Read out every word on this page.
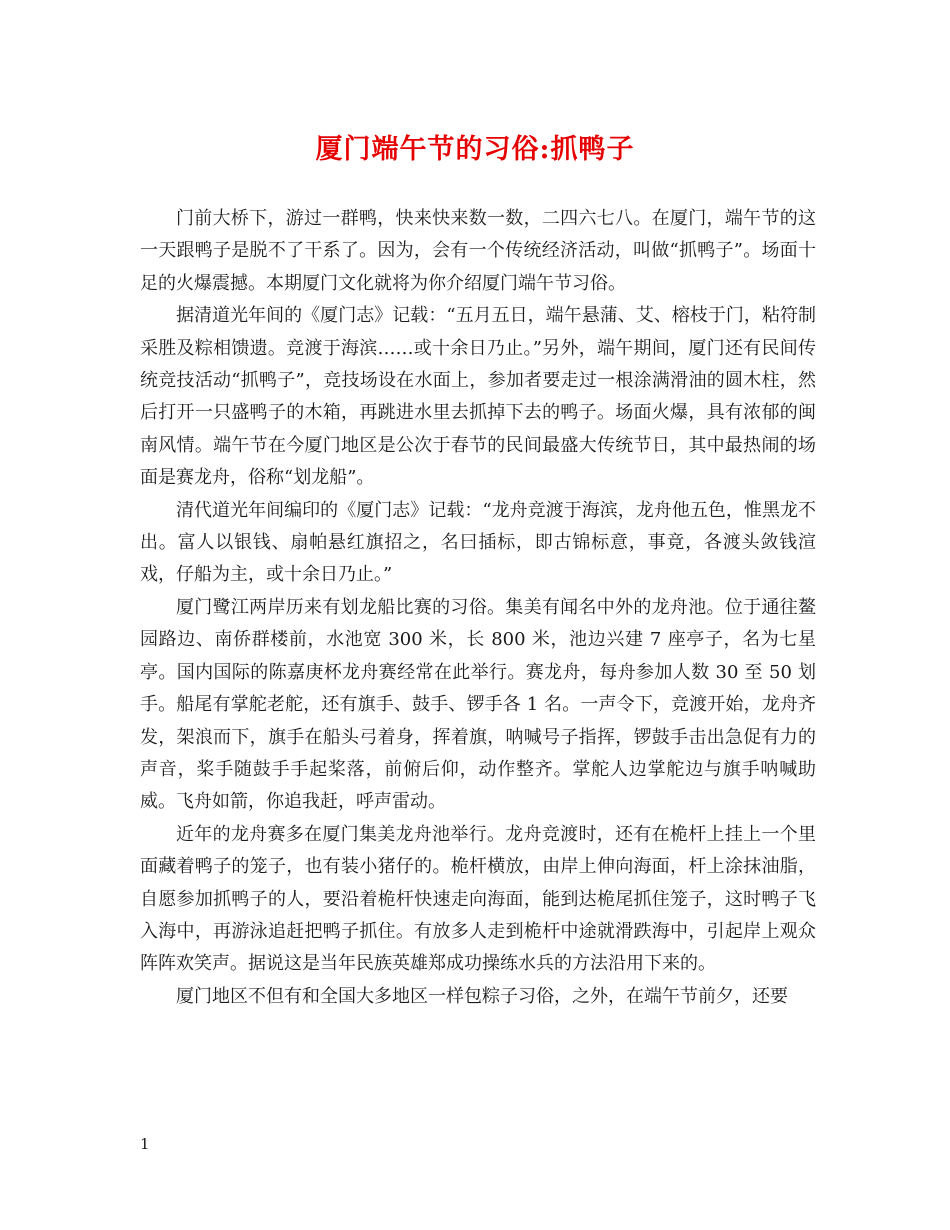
厦门端午节的习俗:抓鸭子

门前大桥下，游过一群鸭，快来快来数一数，二四六七八。在厦门，端午节的这一天跟鸭子是脱不了干系了。因为，会有一个传统经济活动，叫做“抓鸭子”。场面十足的火爆震撼。本期厦门文化就将为你介绍厦门端午节习俗。

据清道光年间的《厦门志》记载：“五月五日，端午悬蒲、艾、榕枝于门，粘符制采胜及粽相馈遗。竞渡于海滨……或十余日乃止。”另外，端午期间，厦门还有民间传统竞技活动“抓鸭子”，竞技场设在水面上，参加者要走过一根涂满滑油的圆木柱，然后打开一只盛鸭子的木箱，再跳进水里去抓掉下去的鸭子。场面火爆，具有浓郁的闽南风情。端午节在今厦门地区是公次于春节的民间最盛大传统节日，其中最热闹的场面是赛龙舟，俗称“划龙船”。

清代道光年间编印的《厦门志》记载：“龙舟竞渡于海滨，龙舟他五色，惟黑龙不出。富人以银钱、扇帕悬红旗招之，名曰插标，即古锦标意，事竟，各渡头敛钱渲戏，仔船为主，或十余日乃止。”

厦门鹭江两岸历来有划龙船比赛的习俗。集美有闻名中外的龙舟池。位于通往鳌园路边、南侨群楼前，水池宽 300 米，长 800 米，池边兴建 7 座亭子，名为七星亭。国内国际的陈嘉庚杯龙舟赛经常在此举行。赛龙舟，每舟参加人数 30 至 50 划手。船尾有掌舵老舵，还有旗手、鼓手、锣手各 1 名。一声令下，竞渡开始，龙舟齐发，架浪而下，旗手在船头弓着身，挥着旗，呐喊号子指挥，锣鼓手击出急促有力的声音，桨手随鼓手手起桨落，前俯后仰，动作整齐。掌舵人边掌舵边与旗手呐喊助威。飞舟如箭，你追我赶，呼声雷动。

近年的龙舟赛多在厦门集美龙舟池举行。龙舟竞渡时，还有在桅杆上挂上一个里面藏着鸭子的笼子，也有装小猪仔的。桅杆横放，由岸上伸向海面，杆上涂抹油脂，自愿参加抓鸭子的人，要沿着桅杆快速走向海面，能到达桅尾抓住笼子，这时鸭子飞入海中，再游泳追赶把鸭子抓住。有放多人走到桅杆中途就滑跌海中，引起岸上观众阵阵欢笑声。据说这是当年民族英雄郑成功操练水兵的方法沿用下来的。

厦门地区不但有和全国大多地区一样包粽子习俗，之外，在端午节前夕，还要

1
